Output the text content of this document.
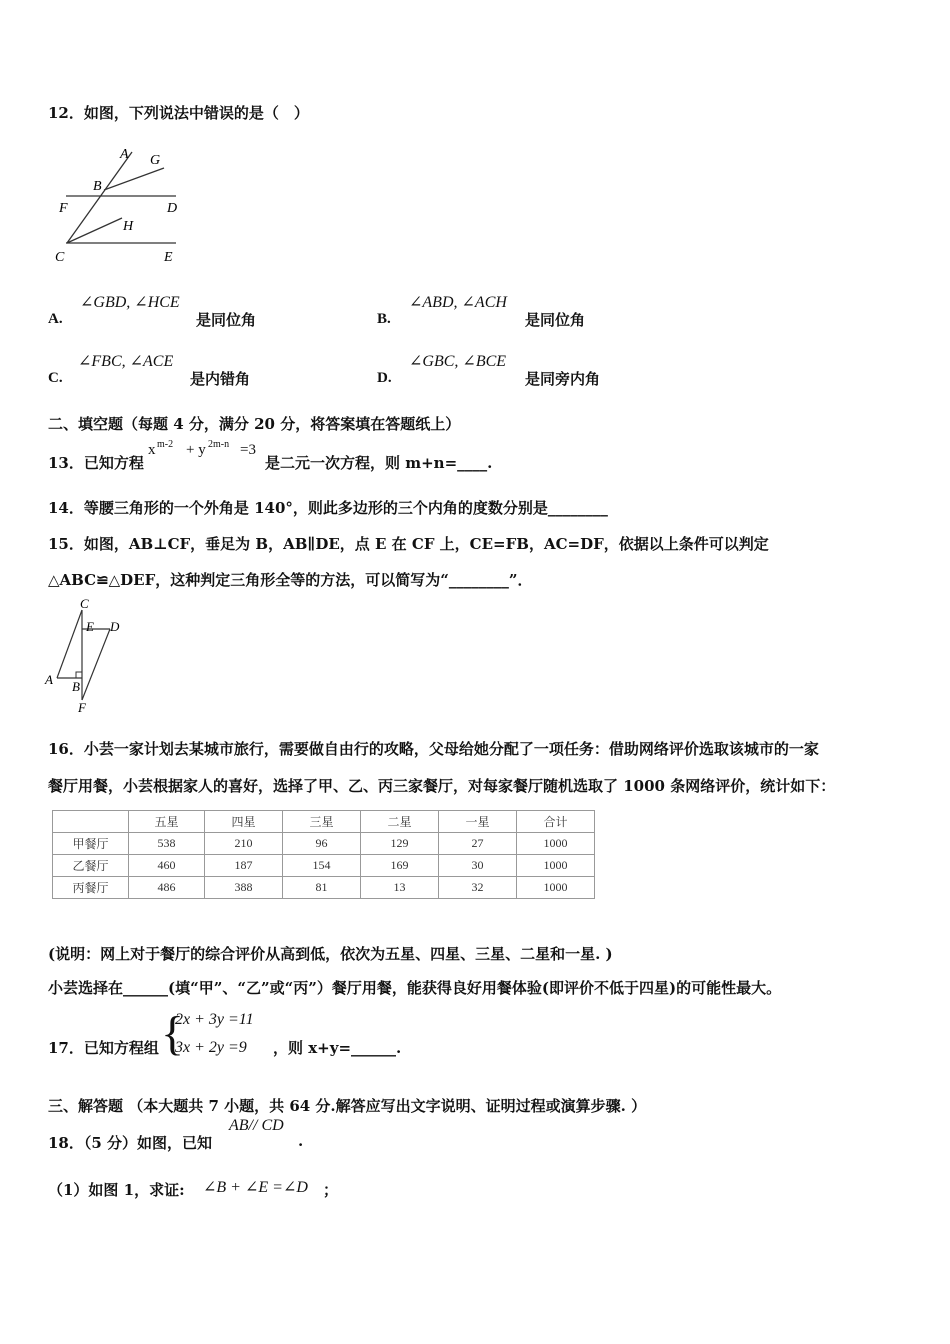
12．如图，下列说法中错误的是（　）
A G
B
F	D
H
C	E
A.
∠GBD, ∠HCE
是同位角	B.
∠ABD, ∠ACH
是同位角
C.
∠FBC, ∠ACE
是内错角	D.
∠GBC, ∠BCE
是同旁内角
二、填空题（每题 4 分，满分 20 分，将答案填在答题纸上）
13．已知方程
x m-2 + y 2m-n =3
是二元一次方程，则 m+n=____.
14．等腰三角形的一个外角是 140°，则此多边形的三个内角的度数分别是________
15．如图，AB⊥CF，垂足为 B，AB∥DE，点 E 在 CF 上，CE=FB，AC=DF，依据以上条件可以判定
△ABC≌△DEF，这种判定三角形全等的方法，可以简写为“________”．
C
E D
A B
F
16．小芸一家计划去某城市旅行，需要做自由行的攻略，父母给她分配了一项任务：借助网络评价选取该城市的一家
餐厅用餐，小芸根据家人的喜好，选择了甲、乙、丙三家餐厅，对每家餐厅随机选取了 1000 条网络评价，统计如下：
	五星	四星	三星	二星	一星	合计
甲餐厅	538	210	96	129	27	1000
乙餐厅	460	187	154	169	30	1000
丙餐厅	486	388	81	13	32	1000
(说明：网上对于餐厅的综合评价从高到低，依次为五星、四星、三星、二星和一星. )
小芸选择在______(填“甲”、“乙”或“丙”）餐厅用餐，能获得良好用餐体验(即评价不低于四星)的可能性最大。
17．已知方程组 {
2x + 3y =11
3x + 2y =9 ，则 x+y=______.
三、解答题 （本大题共 7 小题，共 64 分.解答应写出文字说明、证明过程或演算步骤. ）
18．（5 分）如图，已知
AB// CD
.
（1）如图 1，求证: ∠B + ∠E =∠D ；
